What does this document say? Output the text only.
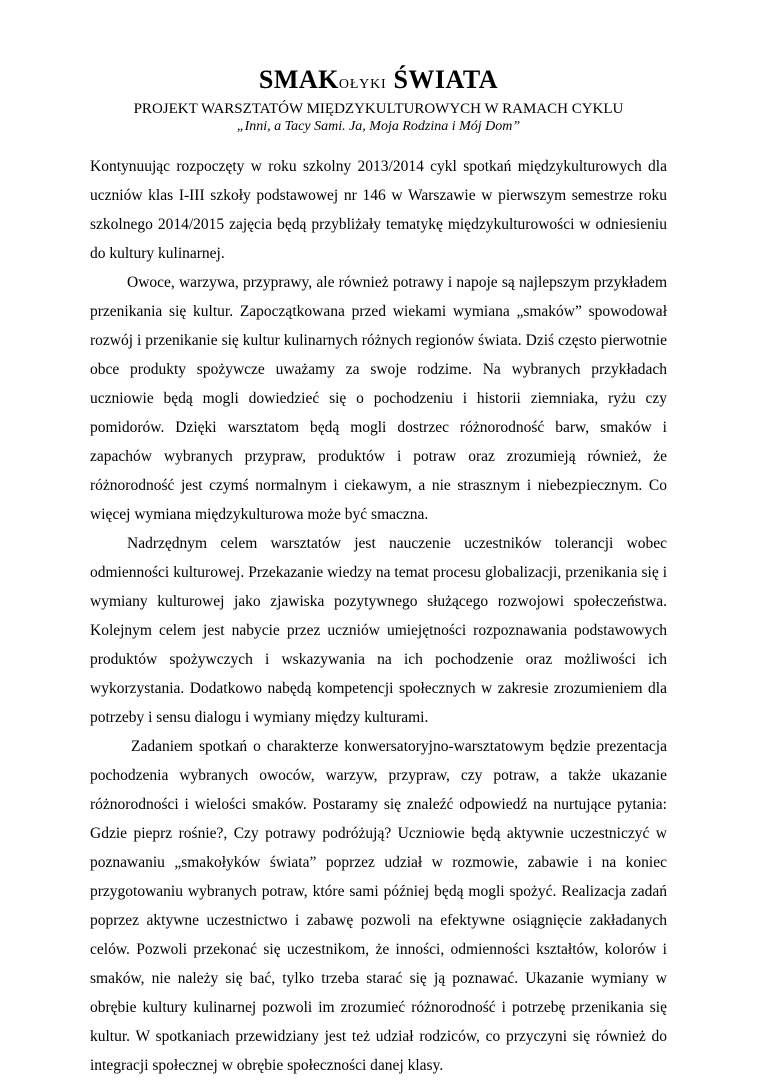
SMAKOŁYKI ŚWIATA

PROJEKT WARSZTATÓW MIĘDZYKULTUROWYCH W RAMACH CYKLU

„Inni, a Tacy Sami. Ja, Moja Rodzina i Mój Dom”

Kontynuując rozpoczęty w roku szkolny 2013/2014 cykl spotkań międzykulturowych dla uczniów klas I-III szkoły podstawowej nr 146 w Warszawie w pierwszym semestrze roku szkolnego 2014/2015 zajęcia będą przybliżały tematykę międzykulturowości w odniesieniu do kultury kulinarnej.

Owoce, warzywa, przyprawy, ale również potrawy i napoje są najlepszym przykładem przenikania się kultur. Zapoczątkowana przed wiekami wymiana „smaków” spowodował rozwój i przenikanie się kultur kulinarnych różnych regionów świata. Dziś często pierwotnie obce produkty spożywcze uważamy za swoje rodzime. Na wybranych przykładach uczniowie będą mogli dowiedzieć się o pochodzeniu i historii ziemniaka, ryżu czy pomidorów. Dzięki warsztatom będą mogli dostrzec różnorodność barw, smaków i zapachów wybranych przypraw, produktów i potraw oraz zrozumieją również, że różnorodność jest czymś normalnym i ciekawym, a nie strasznym i niebezpiecznym. Co więcej wymiana międzykulturowa może być smaczna.

Nadrzędnym celem warsztatów jest nauczenie uczestników tolerancji wobec odmienności kulturowej. Przekazanie wiedzy na temat procesu globalizacji, przenikania się i wymiany kulturowej jako zjawiska pozytywnego służącego rozwojowi społeczeństwa. Kolejnym celem jest nabycie przez uczniów umiejętności rozpoznawania podstawowych produktów spożywczych i wskazywania na ich pochodzenie oraz możliwości ich wykorzystania. Dodatkowo nabędą kompetencji społecznych w zakresie zrozumieniem dla potrzeby i sensu dialogu i wymiany między kulturami.

Zadaniem spotkań o charakterze konwersatoryjno-warsztatowym będzie prezentacja pochodzenia wybranych owoców, warzyw, przypraw, czy potraw, a także ukazanie różnorodności i wielości smaków. Postaramy się znaleźć odpowiedź na nurtujące pytania: Gdzie pieprz rośnie?, Czy potrawy podróżują? Uczniowie będą aktywnie uczestniczyć w poznawaniu „smakołyków świata” poprzez udział w rozmowie, zabawie i na koniec przygotowaniu wybranych potraw, które sami później będą mogli spożyć. Realizacja zadań poprzez aktywne uczestnictwo i zabawę pozwoli na efektywne osiągnięcie zakładanych celów. Pozwoli przekonać się uczestnikom, że inności, odmienności kształtów, kolorów i smaków, nie należy się bać, tylko trzeba starać się ją poznawać. Ukazanie wymiany w obrębie kultury kulinarnej pozwoli im zrozumieć różnorodność i potrzebę przenikania się kultur. W spotkaniach przewidziany jest też udział rodziców, co przyczyni się również do integracji społecznej w obrębie społeczności danej klasy.
